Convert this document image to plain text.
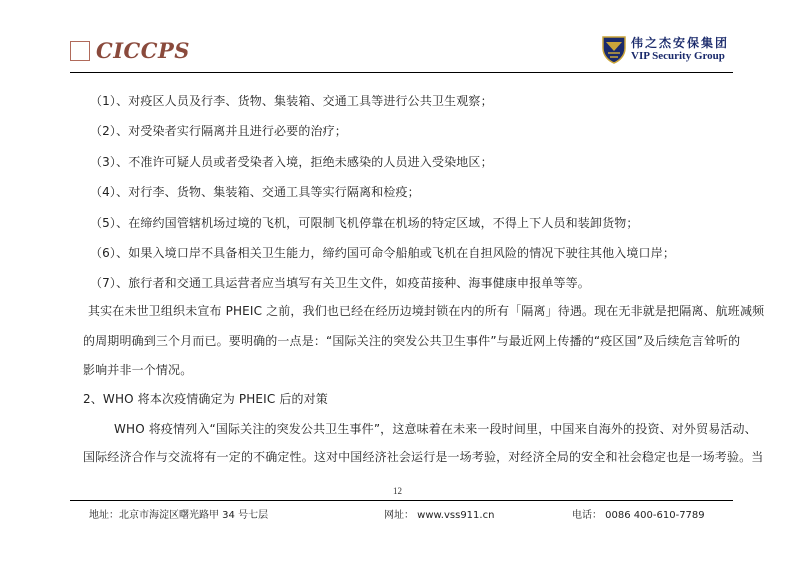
CICCPS	伟之杰安保集团
VIP Security Group
（1）、对疫区人员及行李、货物、集装箱、交通工具等进行公共卫生观察；
（2）、对受染者实行隔离并且进行必要的治疗；
（3）、不准许可疑人员或者受染者入境，拒绝未感染的人员进入受染地区；
（4）、对行李、货物、集装箱、交通工具等实行隔离和检疫；
（5）、在缔约国管辖机场过境的飞机，可限制飞机停靠在机场的特定区域，不得上下人员和装卸货物；
（6）、如果入境口岸不具备相关卫生能力，缔约国可命令船舶或飞机在自担风险的情况下驶往其他入境口岸；
（7）、旅行者和交通工具运营者应当填写有关卫生文件，如疫苗接种、海事健康申报单等等。
其实在未世卫组织未宣布 PHEIC 之前，我们也已经在经历边境封锁在内的所有「隔离」待遇。现在无非就是把隔离、航班减频
的周期明确到三个月而已。要明确的一点是：“国际关注的突发公共卫生事件”与最近网上传播的“疫区国”及后续危言耸听的
影响并非一个情况。
2、WHO 将本次疫情确定为 PHEIC 后的对策
WHO 将疫情列入“国际关注的突发公共卫生事件”，这意味着在未来一段时间里，中国来自海外的投资、对外贸易活动、
国际经济合作与交流将有一定的不确定性。这对中国经济社会运行是一场考验，对经济全局的安全和社会稳定也是一场考验。当
12
地址：北京市海淀区曙光路甲 34 号七层	网址： www.vss911.cn	电话： 0086 400-610-7789
